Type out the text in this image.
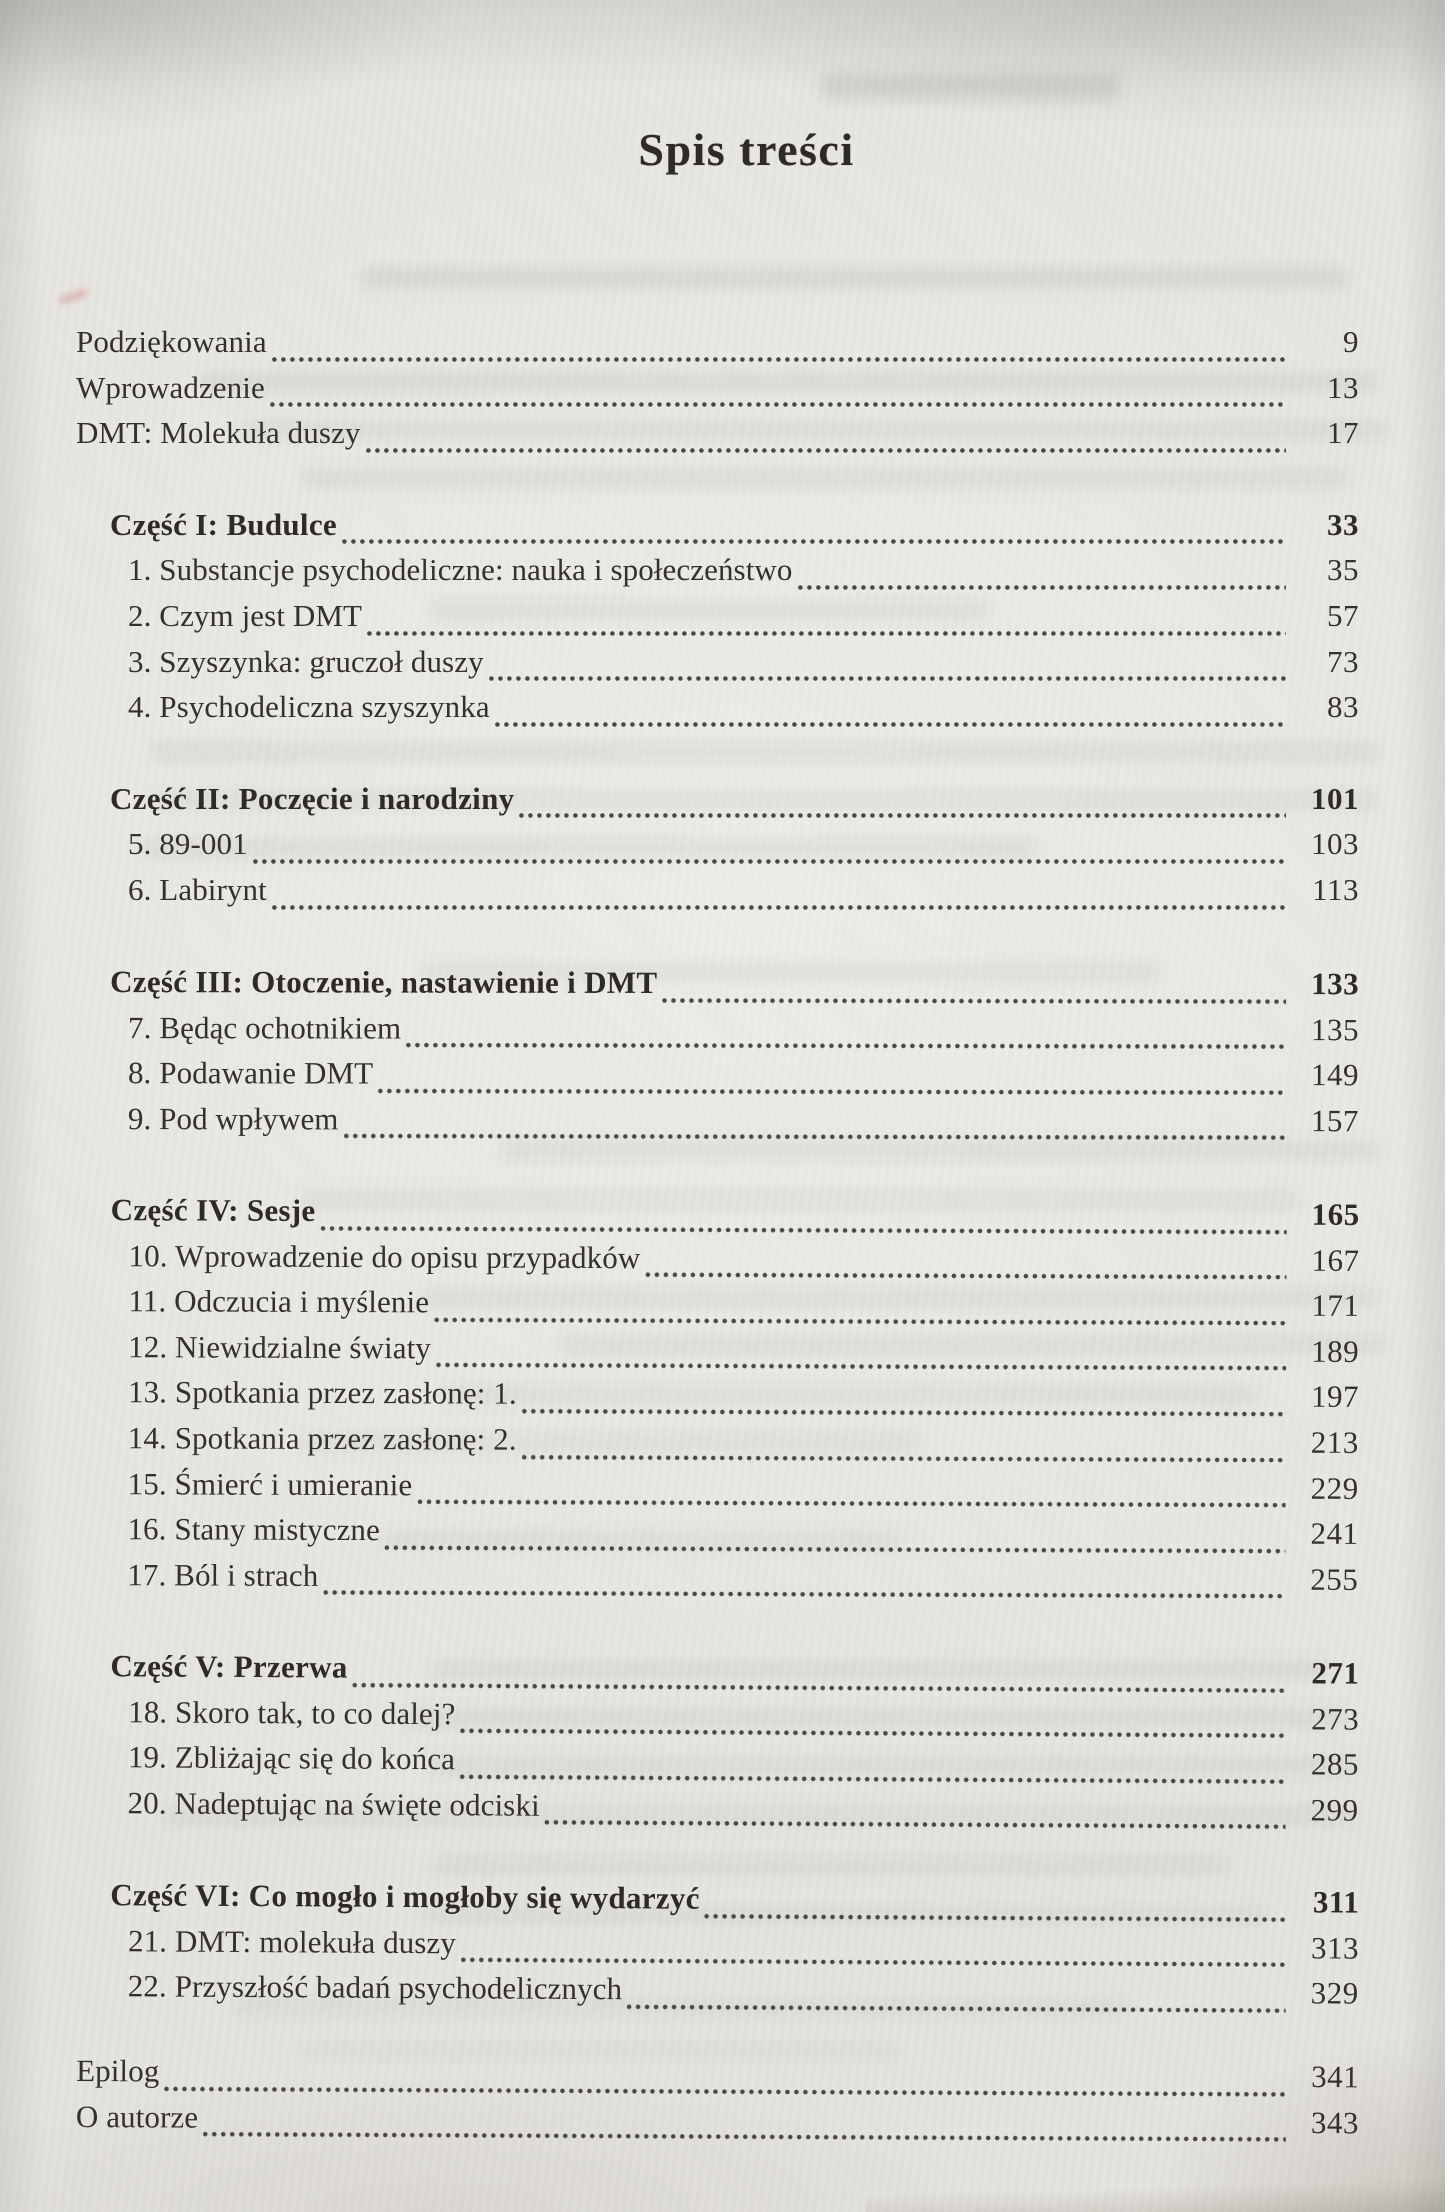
Spis treści
Podziękowania	9
Wprowadzenie	13
DMT: Molekuła duszy	17
Część I: Budulce	33
1. Substancje psychodeliczne: nauka i społeczeństwo	35
2. Czym jest DMT	57
3. Szyszynka: gruczoł duszy	73
4. Psychodeliczna szyszynka	83
Część II: Poczęcie i narodziny	101
5. 89-001	103
6. Labirynt	113
Część III: Otoczenie, nastawienie i DMT	133
7. Będąc ochotnikiem	135
8. Podawanie DMT	149
9. Pod wpływem	157
Część IV: Sesje	165
10. Wprowadzenie do opisu przypadków	167
11. Odczucia i myślenie	171
12. Niewidzialne światy	189
13. Spotkania przez zasłonę: 1.	197
14. Spotkania przez zasłonę: 2.	213
15. Śmierć i umieranie	229
16. Stany mistyczne	241
17. Ból i strach	255
Część V: Przerwa	271
18. Skoro tak, to co dalej?	273
19. Zbliżając się do końca	285
20. Nadeptując na święte odciski	299
Część VI: Co mogło i mogłoby się wydarzyć	311
21. DMT: molekuła duszy	313
22. Przyszłość badań psychodelicznych	329
Epilog	341
O autorze	343
